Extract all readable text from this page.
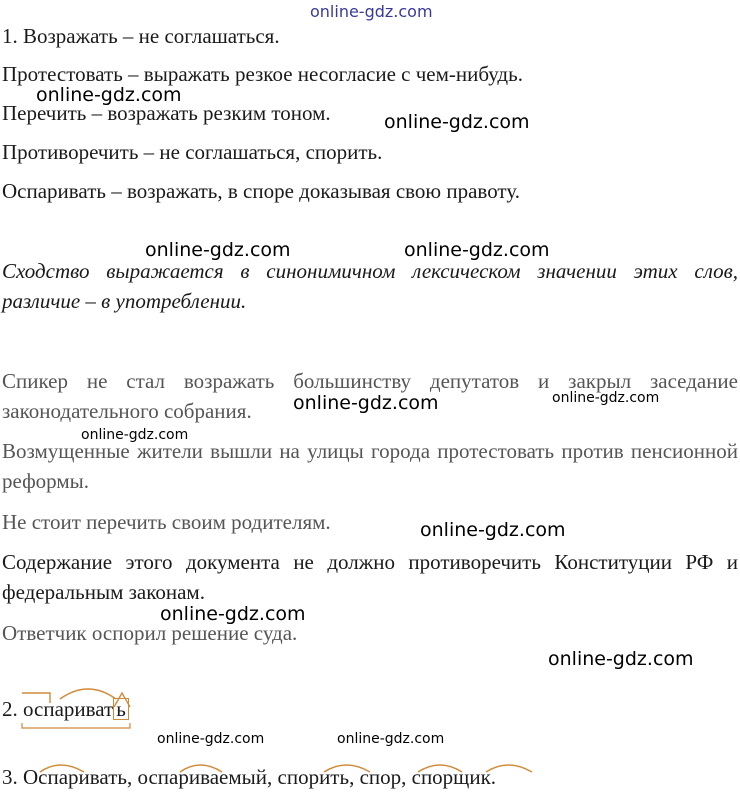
online-gdz.com
1. Возражать – не соглашаться.
Протестовать – выражать резкое несогласие с чем-нибудь.
Перечить – возражать резким тоном.
Противоречить – не соглашаться, спорить.
Оспаривать – возражать, в споре доказывая свою правоту.
Сходство выражается в синонимичном лексическом значении этих слов, различие – в употреблении.
Спикер не стал возражать большинству депутатов и закрыл заседание законодательного собрания.
Возмущенные жители вышли на улицы города протестовать против пенсионной реформы.
Не стоит перечить своим родителям.
Содержание этого документа не должно противоречить Конституции РФ и федеральным законам.
Ответчик оспорил решение суда.
2. оспариват ь
3. Оспаривать, оспариваемый, спорить, спор, спорщик.
online-gdz.com
online-gdz.com
online-gdz.com	online-gdz.com
online-gdz.com	online-gdz.com
online-gdz.com
online-gdz.com
online-gdz.com
online-gdz.com
online-gdz.com	online-gdz.com
